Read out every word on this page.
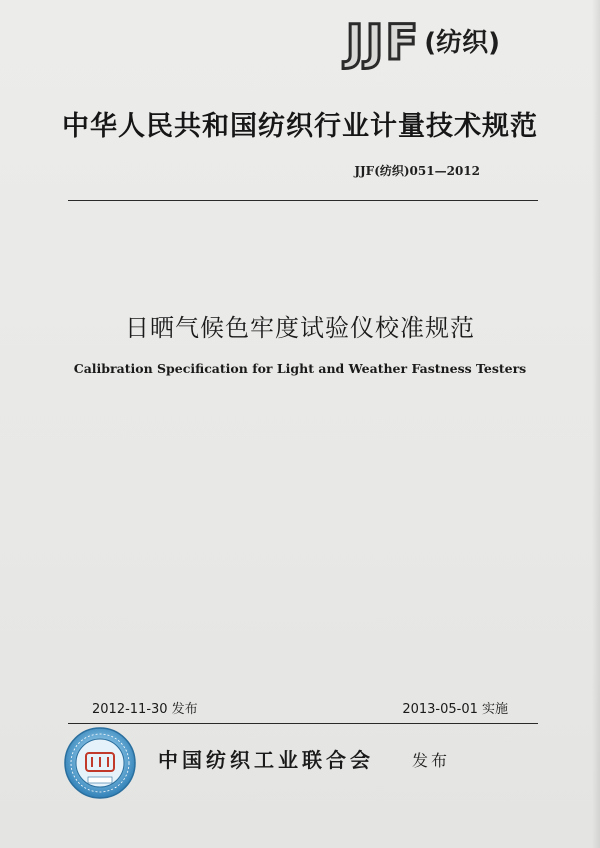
JJF (纺织)
中华人民共和国纺织行业计量技术规范
JJF(纺织)051—2012
日晒气候色牢度试验仪校准规范
Calibration Specification for Light and Weather Fastness Testers
2012-11-30 发布	2013-05-01 实施
中国纺织工业联合会 发布
